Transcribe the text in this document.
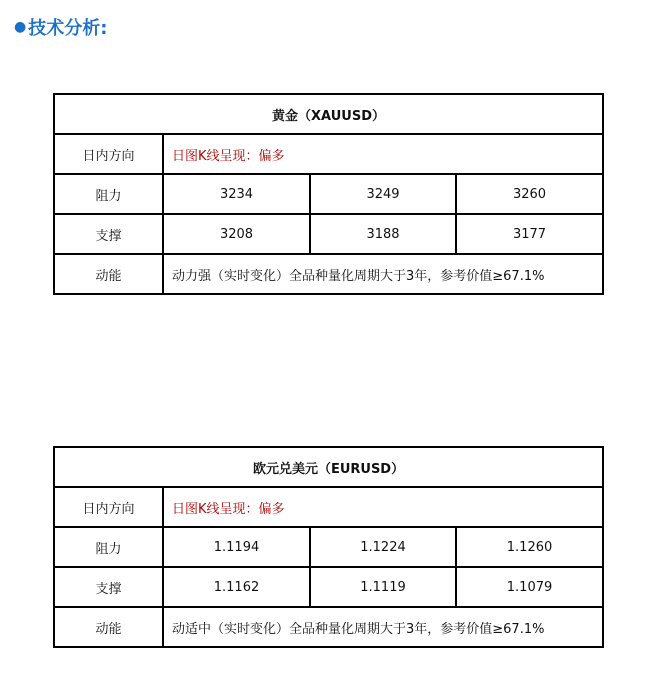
● 技术分析:
黄金（XAUUSD）			
日内方向	日图K线呈现：偏多		
阻力	3234	3249	3260
支撑	3208	3188	3177
动能	动力强（实时变化）全品种量化周期大于3年，参考价值≥67.1%		
欧元兑美元（EURUSD）			
日内方向	日图K线呈现：偏多		
阻力	1.1194	1.1224	1.1260
支撑	1.1162	1.1119	1.1079
动能	动适中（实时变化）全品种量化周期大于3年，参考价值≥67.1%		
